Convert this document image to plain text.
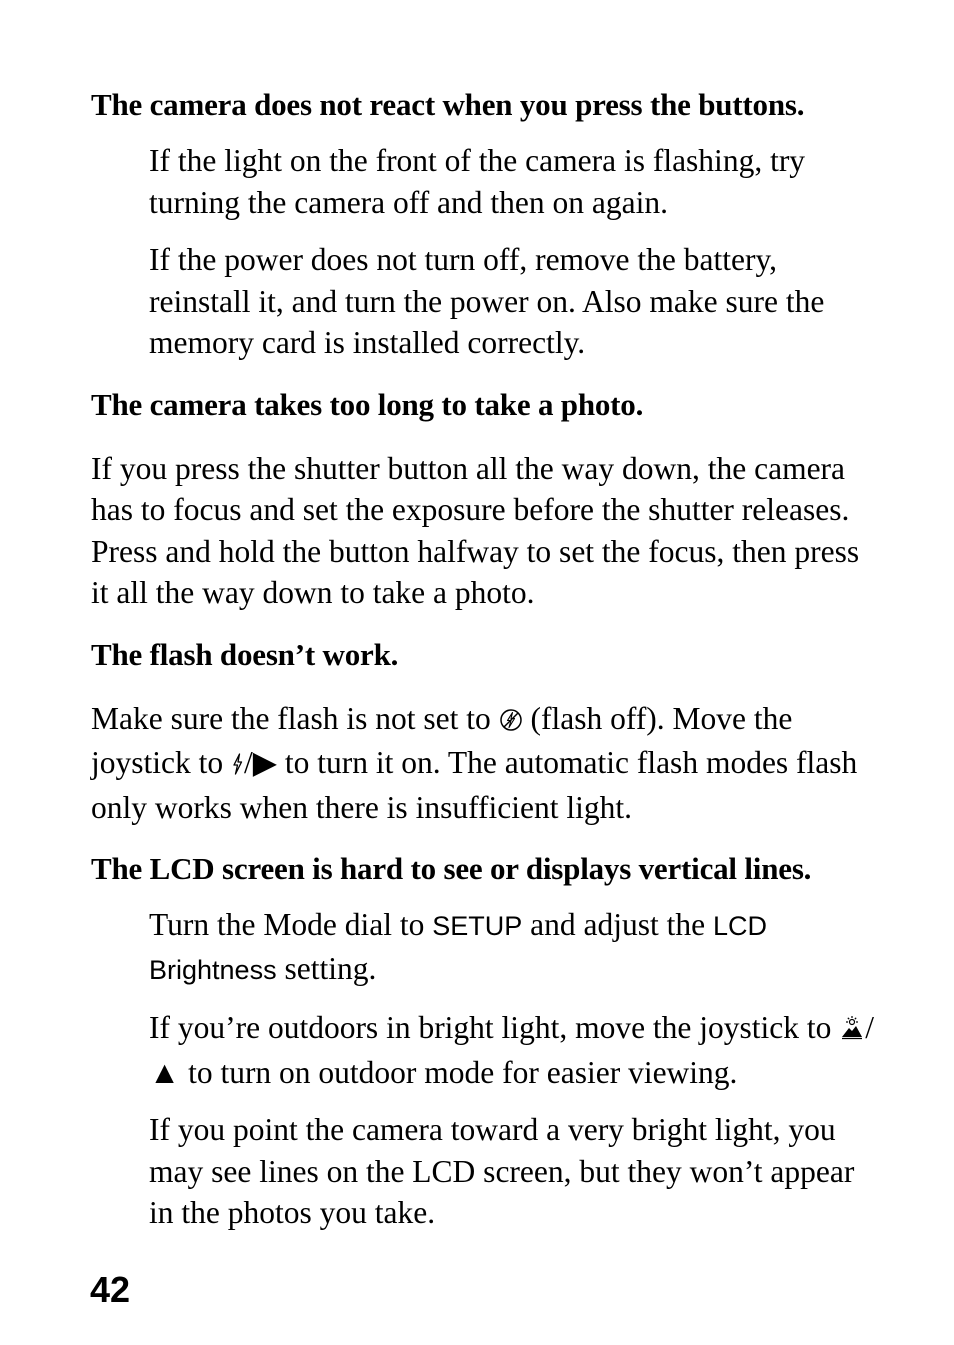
The camera does not react when you press the buttons.

If the light on the front of the camera is flashing, try turning the camera off and then on again.

If the power does not turn off, remove the battery, reinstall it, and turn the power on. Also make sure the memory card is installed correctly.

The camera takes too long to take a photo.

If you press the shutter button all the way down, the camera has to focus and set the exposure before the shutter releases. Press and hold the button halfway to set the focus, then press it all the way down to take a photo.

The flash doesn’t work.

Make sure the flash is not set to  (flash off). Move the joystick to /▶ to turn it on. The automatic flash modes flash only works when there is insufficient light.

The LCD screen is hard to see or displays vertical lines.

Turn the Mode dial to SETUP and adjust the LCD Brightness setting.

If you’re outdoors in bright light, move the joystick to /▲ to turn on outdoor mode for easier viewing.

If you point the camera toward a very bright light, you may see lines on the LCD screen, but they won’t appear in the photos you take.

42
